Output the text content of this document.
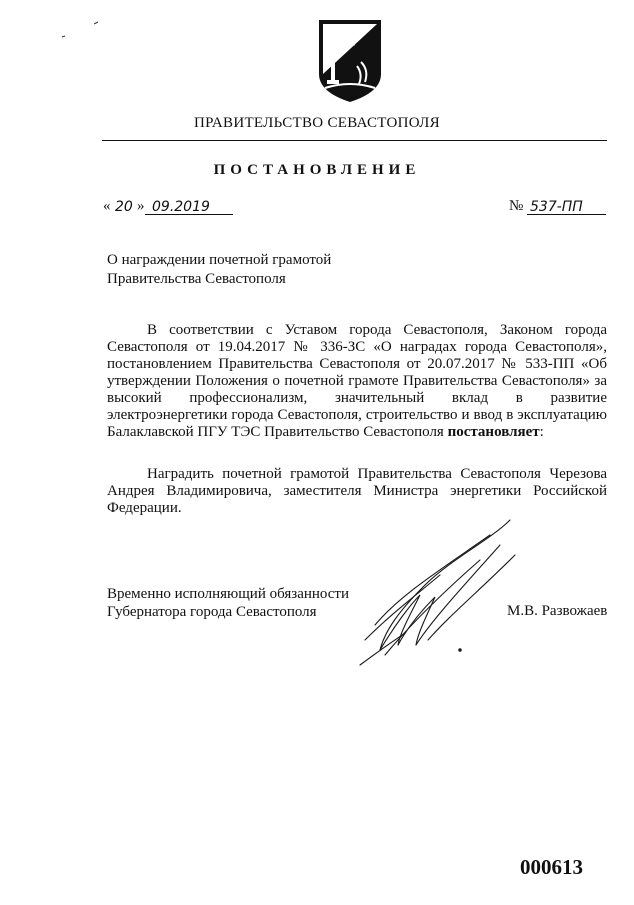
ПРАВИТЕЛЬСТВО СЕВАСТОПОЛЯ
ПОСТАНОВЛЕНИЕ
« 20 » 09.2019	№ 537-ПП
О награждении почетной грамотой
Правительства Севастополя
В соответствии с Уставом города Севастополя, Законом города Севастополя от 19.04.2017 № 336-ЗС «О наградах города Севастополя», постановлением Правительства Севастополя от 20.07.2017 № 533-ПП «Об утверждении Положения о почетной грамоте Правительства Севастополя» за высокий профессионализм, значительный вклад в развитие электроэнергетики города Севастополя, строительство и ввод в эксплуатацию Балаклавской ПГУ ТЭС Правительство Севастополя постановляет:
Наградить почетной грамотой Правительства Севастополя Черезова Андрея Владимировича, заместителя Министра энергетики Российской Федерации.
Временно исполняющий обязанности
Губернатора города Севастополя	М.В. Развожаев
000613
